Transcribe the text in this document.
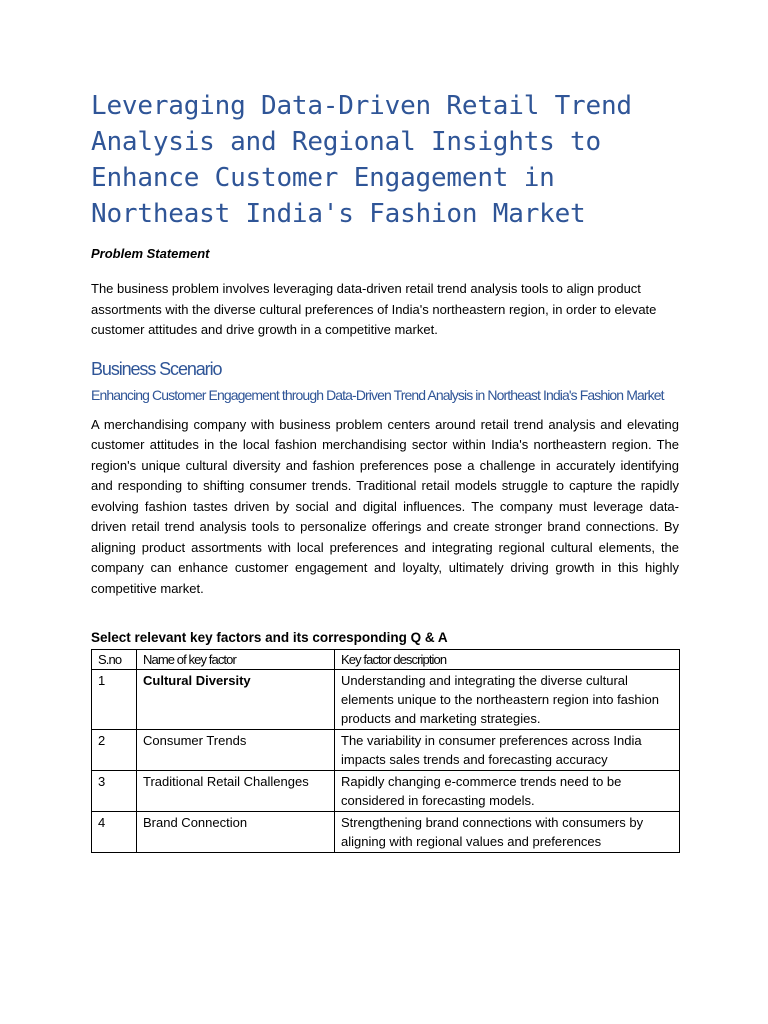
Leveraging Data-Driven Retail Trend Analysis and Regional Insights to Enhance Customer Engagement in Northeast India's Fashion Market

Problem Statement

The business problem involves leveraging data-driven retail trend analysis tools to align product assortments with the diverse cultural preferences of India's northeastern region, in order to elevate customer attitudes and drive growth in a competitive market.

Business Scenario
Enhancing Customer Engagement through Data-Driven Trend Analysis in Northeast India's Fashion Market

A merchandising company with business problem centers around retail trend analysis and elevating customer attitudes in the local fashion merchandising sector within India's northeastern region. The region's unique cultural diversity and fashion preferences pose a challenge in accurately identifying and responding to shifting consumer trends. Traditional retail models struggle to capture the rapidly evolving fashion tastes driven by social and digital influences. The company must leverage data-driven retail trend analysis tools to personalize offerings and create stronger brand connections. By aligning product assortments with local preferences and integrating regional cultural elements, the company can enhance customer engagement and loyalty, ultimately driving growth in this highly competitive market.

Select relevant key factors and its corresponding Q & A
S.no	Name of key factor	Key factor description
1	Cultural Diversity	Understanding and integrating the diverse cultural elements unique to the northeastern region into fashion products and marketing strategies.
2	Consumer Trends	The variability in consumer preferences across India impacts sales trends and forecasting accuracy
3	Traditional Retail Challenges	Rapidly changing e-commerce trends need to be considered in forecasting models.
4	Brand Connection	Strengthening brand connections with consumers by aligning with regional values and preferences
